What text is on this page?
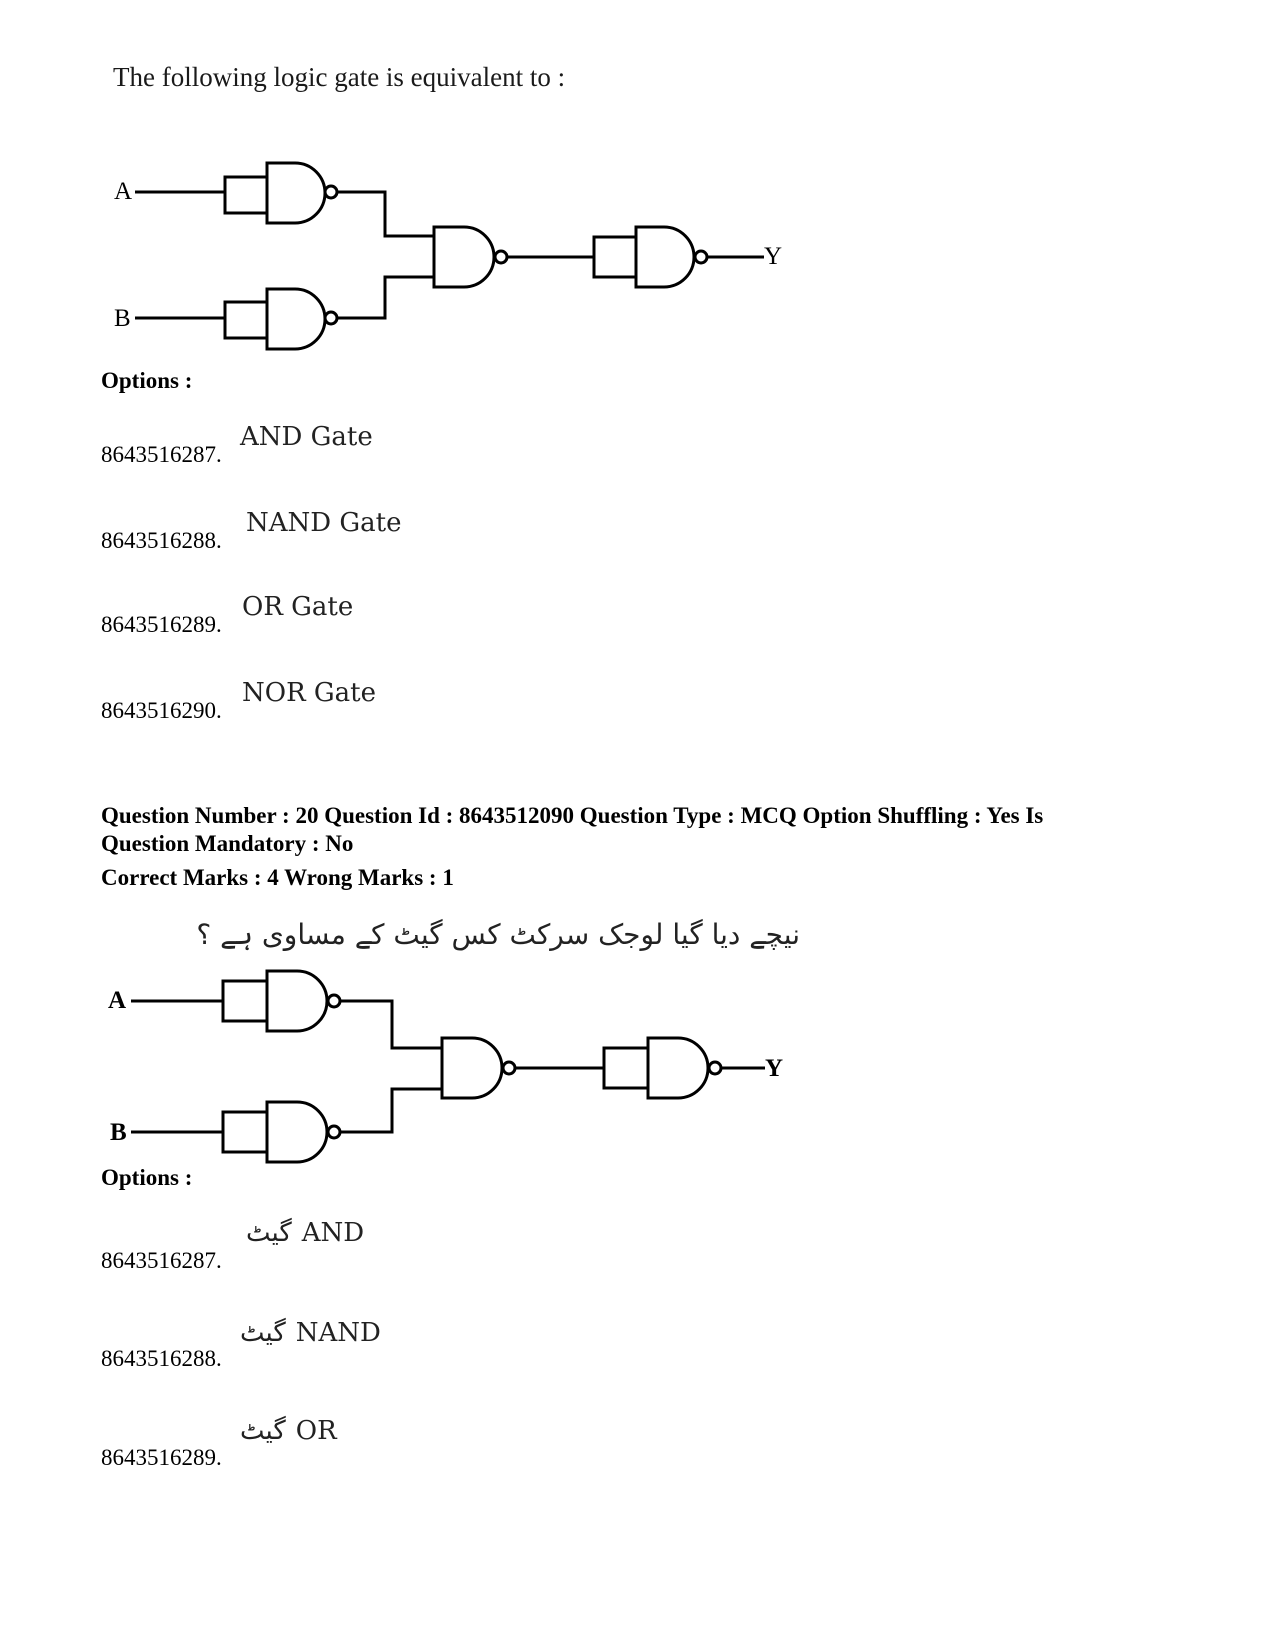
The following logic gate is equivalent to :
A
B
Y
Options :
8643516287.
AND Gate
8643516288.
NAND Gate
8643516289.
OR Gate
8643516290.
NOR Gate
Question Number : 20 Question Id : 8643512090 Question Type : MCQ Option Shuffling : Yes Is
Question Mandatory : No
Correct Marks : 4 Wrong Marks : 1
نیچے دیا گیا لوجک سرکٹ کس گیٹ کے مساوی ہے ؟
A
B
Y
Options :
8643516287.
گیٹ AND
8643516288.
گیٹ NAND
8643516289.
گیٹ OR
